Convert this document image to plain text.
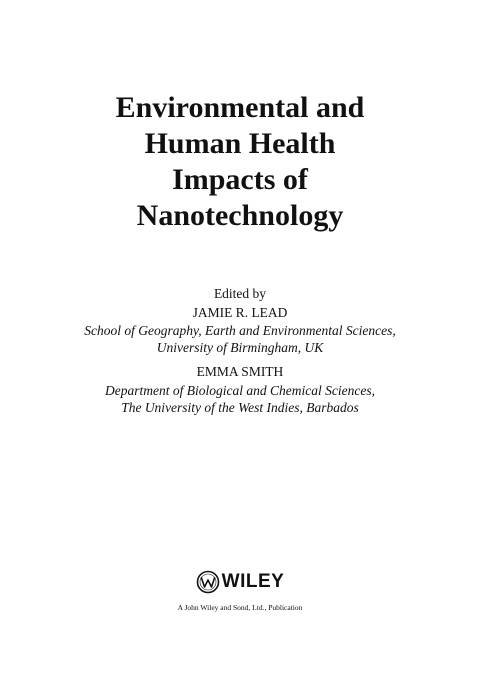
Environmental and
Human Health
Impacts of
Nanotechnology
Edited by
JAMIE R. LEAD
School of Geography, Earth and Environmental Sciences,
University of Birmingham, UK
EMMA SMITH
Department of Biological and Chemical Sciences,
The University of the West Indies, Barbados
WILEY
A John Wiley and Sond, Ltd., Publication
